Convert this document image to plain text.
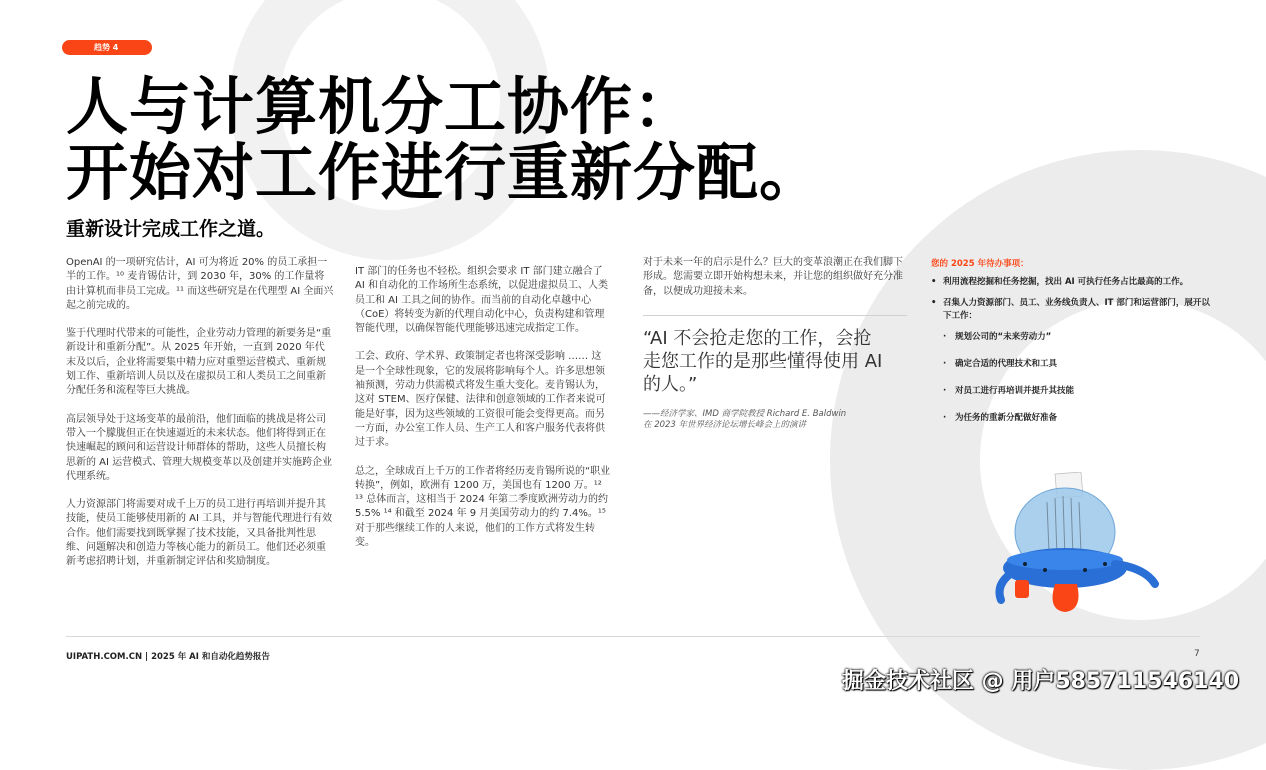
趋势 4
人与计算机分工协作：
开始对工作进行重新分配。
重新设计完成工作之道。

OpenAI 的一项研究估计，AI 可为将近 20% 的员工承担一半的工作。¹⁰ 麦肯锡估计，到 2030 年，30% 的工作量将由计算机而非员工完成。¹¹ 而这些研究是在代理型 AI 全面兴起之前完成的。

鉴于代理时代带来的可能性，企业劳动力管理的新要务是“重新设计和重新分配”。从 2025 年开始，一直到 2020 年代末及以后，企业将需要集中精力应对重塑运营模式、重新规划工作、重新培训人员以及在虚拟员工和人类员工之间重新分配任务和流程等巨大挑战。

高层领导处于这场变革的最前沿，他们面临的挑战是将公司带入一个朦胧但正在快速逼近的未来状态。他们将得到正在快速崛起的顾问和运营设计师群体的帮助，这些人员擅长构思新的 AI 运营模式、管理大规模变革以及创建并实施跨企业代理系统。

人力资源部门将需要对成千上万的员工进行再培训并提升其技能，使员工能够使用新的 AI 工具，并与智能代理进行有效合作。他们需要找到既掌握了技术技能，又具备批判性思维、问题解决和创造力等核心能力的新员工。他们还必须重新考虑招聘计划，并重新制定评估和奖励制度。

IT 部门的任务也不轻松。组织会要求 IT 部门建立融合了 AI 和自动化的工作场所生态系统，以促进虚拟员工、人类员工和 AI 工具之间的协作。而当前的自动化卓越中心（CoE）将转变为新的代理自动化中心，负责构建和管理智能代理，以确保智能代理能够迅速完成指定工作。

工会、政府、学术界、政策制定者也将深受影响 …… 这是一个全球性现象，它的发展将影响每个人。许多思想领袖预测，劳动力供需模式将发生重大变化。麦肯锡认为，这对 STEM、医疗保健、法律和创意领域的工作者来说可能是好事，因为这些领域的工资很可能会变得更高。而另一方面，办公室工作人员、生产工人和客户服务代表将供过于求。

总之，全球成百上千万的工作者将经历麦肯锡所说的“职业转换”，例如，欧洲有 1200 万，美国也有 1200 万。¹² ¹³ 总体而言，这相当于 2024 年第二季度欧洲劳动力的约 5.5% ¹⁴ 和截至 2024 年 9 月美国劳动力的约 7.4%。¹⁵ 对于那些继续工作的人来说，他们的工作方式将发生转变。

对于未来一年的启示是什么？巨大的变革浪潮正在我们脚下形成。您需要立即开始构想未来，并让您的组织做好充分准备，以便成功迎接未来。

“AI 不会抢走您的工作，会抢走您工作的是那些懂得使用 AI 的人。”
——经济学家、IMD 商学院教授 Richard E. Baldwin
在 2023 年世界经济论坛增长峰会上的演讲
您的 2025 年待办事项：
• 利用流程挖掘和任务挖掘，找出 AI 可执行任务占比最高的工作。
• 召集人力资源部门、员工、业务线负责人、IT 部门和运营部门，展开以下工作：
·	规划公司的“未来劳动力”
·	确定合适的代理技术和工具
·	对员工进行再培训并提升其技能
·	为任务的重新分配做好准备
UIPATH.COM.CN | 2025 年 AI 和自动化趋势报告	7
掘金技术社区 @ 用户585711546140
